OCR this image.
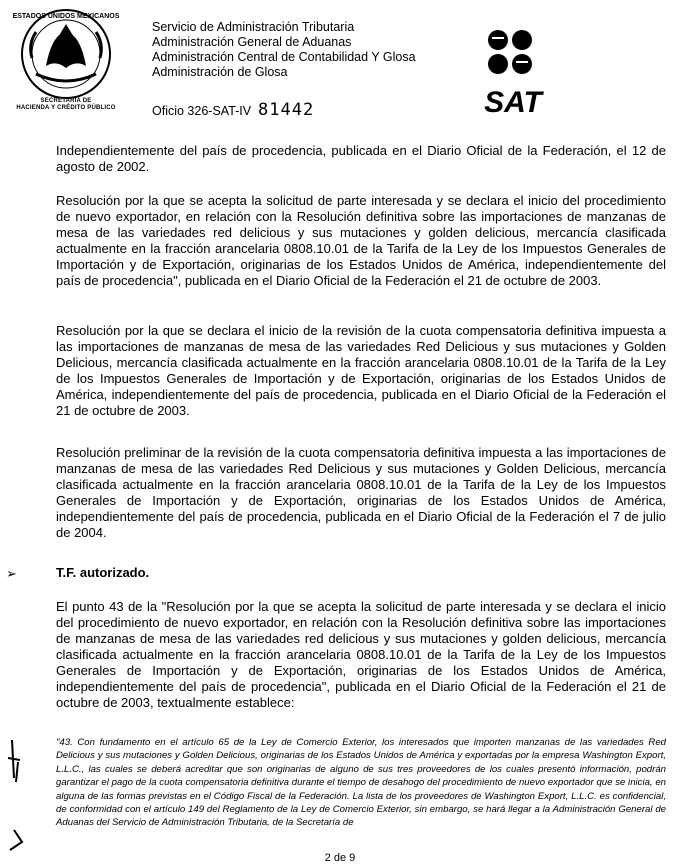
ESTADOS UNIDOS MEXICANOS
SECRETARIA DE
HACIENDA Y CRÉDITO PÚBLICO
Servicio de Administración Tributaria
Administración General de Aduanas
Administración Central de Contabilidad Y Glosa
Administración de Glosa
Oficio 326-SAT-IV 81442	SAT
Independientemente del país de procedencia, publicada en el Diario Oficial de la Federación, el 12 de agosto de 2002.
Resolución por la que se acepta la solicitud de parte interesada y se declara el inicio del procedimiento de nuevo exportador, en relación con la Resolución definitiva sobre las importaciones de manzanas de mesa de las variedades red delicious y sus mutaciones y golden delicious, mercancía clasificada actualmente en la fracción arancelaria 0808.10.01 de la Tarifa de la Ley de los Impuestos Generales de Importación y de Exportación, originarias de los Estados Unidos de América, independientemente del país de procedencia", publicada en el Diario Oficial de la Federación el 21 de octubre de 2003.
Resolución por la que se declara el inicio de la revisión de la cuota compensatoria definitiva impuesta a las importaciones de manzanas de mesa de las variedades Red Delicious y sus mutaciones y Golden Delicious, mercancía clasificada actualmente en la fracción arancelaria 0808.10.01 de la Tarifa de la Ley de los Impuestos Generales de Importación y de Exportación, originarias de los Estados Unidos de América, independientemente del país de procedencia, publicada en el Diario Oficial de la Federación el 21 de octubre de 2003.
Resolución preliminar de la revisión de la cuota compensatoria definitiva impuesta a las importaciones de manzanas de mesa de las variedades Red Delicious y sus mutaciones y Golden Delicious, mercancía clasificada actualmente en la fracción arancelaria 0808.10.01 de la Tarifa de la Ley de los Impuestos Generales de Importación y de Exportación, originarias de los Estados Unidos de América, independientemente del país de procedencia, publicada en el Diario Oficial de la Federación el 7 de julio de 2004.
➢	T.F. autorizado.
El punto 43 de la "Resolución por la que se acepta la solicitud de parte interesada y se declara el inicio del procedimiento de nuevo exportador, en relación con la Resolución definitiva sobre las importaciones de manzanas de mesa de las variedades red delicious y sus mutaciones y golden delicious, mercancía clasificada actualmente en la fracción arancelaria 0808.10.01 de la Tarifa de la Ley de los Impuestos Generales de Importación y de Exportación, originarias de los Estados Unidos de América, independientemente del país de procedencia", publicada en el Diario Oficial de la Federación el 21 de octubre de 2003, textualmente establece:
"43. Con fundamento en el artículo 65 de la Ley de Comercio Exterior, los interesados que importen manzanas de las variedades Red Delicious y sus mutaciones y Golden Delicious, originarias de los Estados Unidos de América y exportadas por la empresa Washington Export, L.L.C., las cuales se deberá acreditar que son originarias de alguno de sus tres proveedores de los cuales presentó información, podrán garantizar el pago de la cuota compensatoria definitiva durante el tiempo de desahogo del procedimiento de nuevo exportador que se inicia, en alguna de las formas previstas en el Código Fiscal de la Federación. La lista de los proveedores de Washington Export, L.L.C. es confidencial, de conformidad con el artículo 149 del Reglamento de la Ley de Comercio Exterior, sin embargo, se hará llegar a la Administración General de Aduanas del Servicio de Administración Tributaria, de la Secretaría de
2 de 9
